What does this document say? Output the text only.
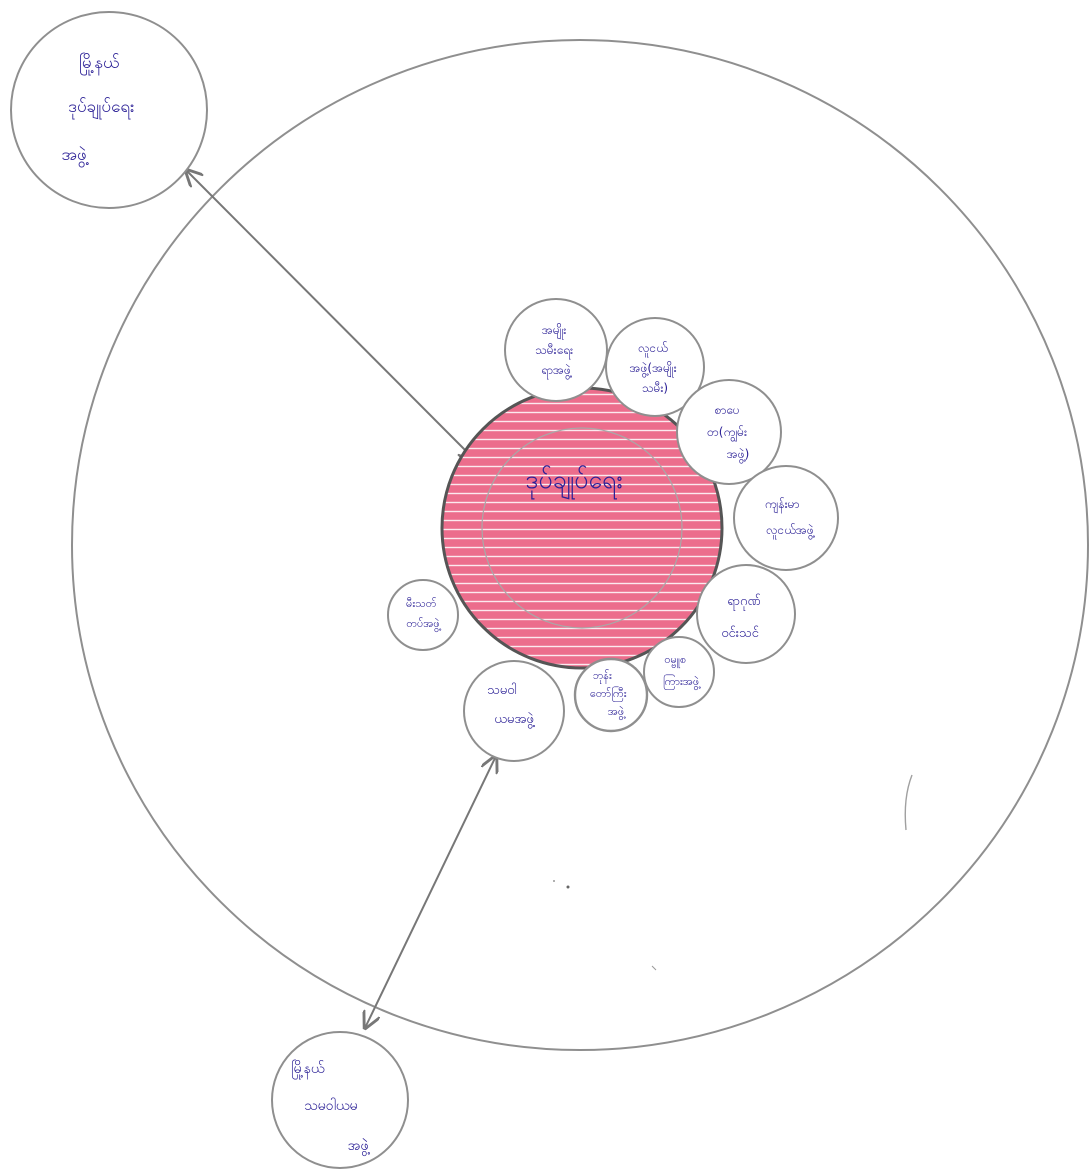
ဒုပ်ချုပ်ရေး
မြို့နယ် ဒုပ်ချုပ်ရေး အဖွဲ့
မြို့နယ် သမဝါယမ အဖွဲ့
အမျိုး သမီးရေး ရာအဖွဲ့
လူငယ် အဖွဲ့(အမျိုး သမီး)
စာပေ တ(ကျွမ်း အဖွဲ့)
ကျန်းမာ လူငယ်အဖွဲ့
ရာဂုဏ် ဝင်းသင်
ဝမ္ဗူစ ကြားအဖွဲ့
ဘုန်း တော်ကြီး အဖွဲ့
သမဝါ ယမအဖွဲ့
မီးသတ် တပ်အဖွဲ့
